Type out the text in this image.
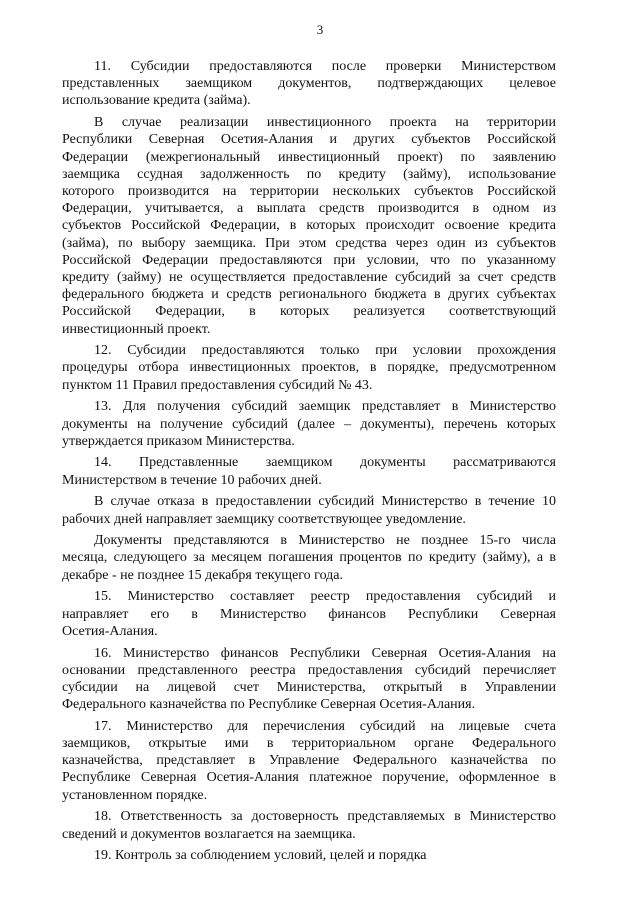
3

11. Субсидии предоставляются после проверки Министерством
представленных заемщиком документов, подтверждающих целевое
использование кредита (займа).

В случае реализации инвестиционного проекта на территории
Республики Северная Осетия-Алания и других субъектов Российской
Федерации (межрегиональный инвестиционный проект) по заявлению
заемщика ссудная задолженность по кредиту (займу), использование
которого производится на территории нескольких субъектов Российской
Федерации, учитывается, а выплата средств производится в одном из
субъектов Российской Федерации, в которых происходит освоение кредита
(займа), по выбору заемщика. При этом средства через один из субъектов
Российской Федерации предоставляются при условии, что по указанному
кредиту (займу) не осуществляется предоставление субсидий за счет средств
федерального бюджета и средств регионального бюджета в других субъектах
Российской Федерации, в которых реализуется соответствующий
инвестиционный проект.

12. Субсидии предоставляются только при условии прохождения
процедуры отбора инвестиционных проектов, в порядке, предусмотренном
пунктом 11 Правил предоставления субсидий № 43.

13. Для получения субсидий заемщик представляет в Министерство
документы на получение субсидий (далее – документы), перечень которых
утверждается приказом Министерства.

14. Представленные заемщиком документы рассматриваются
Министерством в течение 10 рабочих дней.

В случае отказа в предоставлении субсидий Министерство в течение 10
рабочих дней направляет заемщику соответствующее уведомление.

Документы представляются в Министерство не позднее 15-го числа
месяца, следующего за месяцем погашения процентов по кредиту (займу), а в
декабре - не позднее 15 декабря текущего года.

15. Министерство составляет реестр предоставления субсидий и
направляет его в Министерство финансов Республики Северная
Осетия-Алания.

16. Министерство финансов Республики Северная Осетия-Алания на
основании представленного реестра предоставления субсидий перечисляет
субсидии на лицевой счет Министерства, открытый в Управлении
Федерального казначейства по Республике Северная Осетия-Алания.

17. Министерство для перечисления субсидий на лицевые счета
заемщиков, открытые ими в территориальном органе Федерального
казначейства, представляет в Управление Федерального казначейства по
Республике Северная Осетия-Алания платежное поручение, оформленное в
установленном порядке.

18. Ответственность за достоверность представляемых в Министерство
сведений и документов возлагается на заемщика.

19. Контроль за соблюдением условий, целей и порядка
